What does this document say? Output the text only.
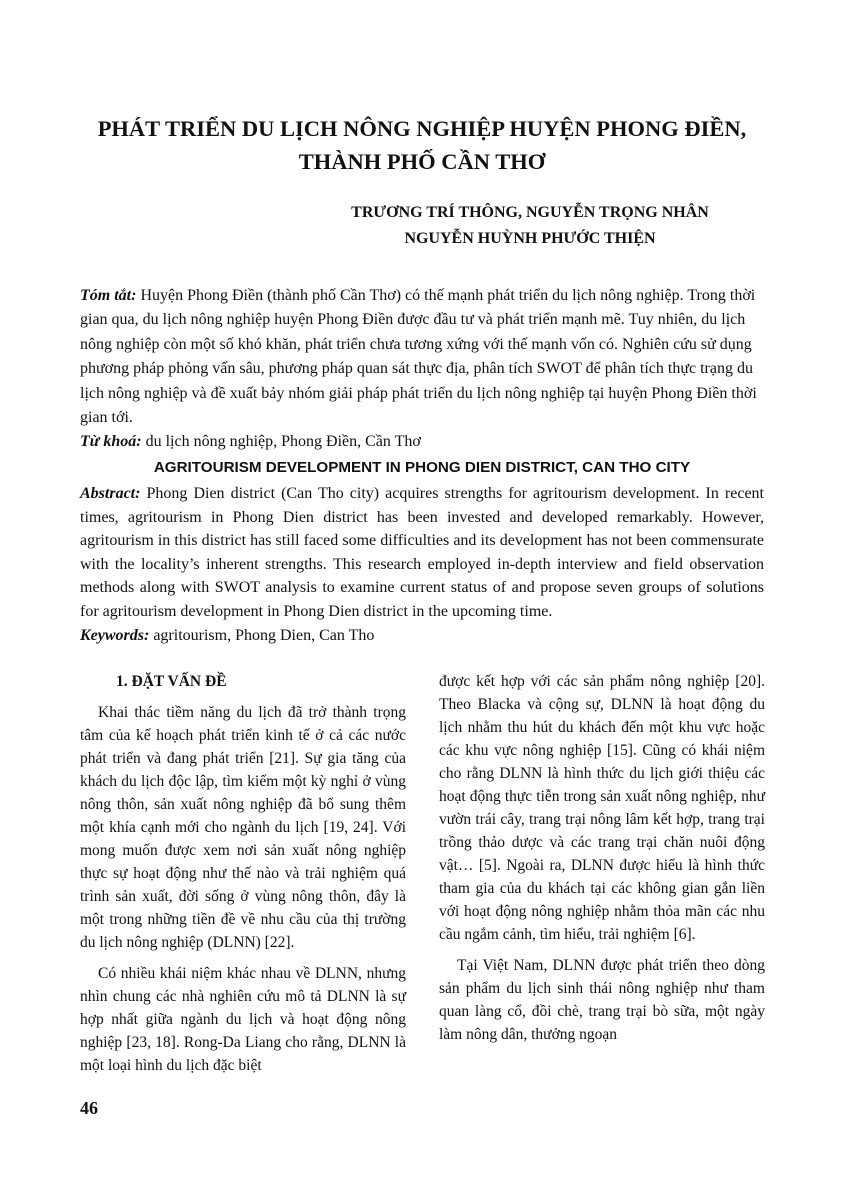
PHÁT TRIỂN DU LỊCH NÔNG NGHIỆP HUYỆN PHONG ĐIỀN,
THÀNH PHỐ CẦN THƠ
TRƯƠNG TRÍ THÔNG, NGUYỄN TRỌNG NHÂN
NGUYỄN HUỲNH PHƯỚC THIỆN

Tóm tắt: Huyện Phong Điền (thành phố Cần Thơ) có thế mạnh phát triển du lịch nông nghiệp. Trong thời gian qua, du lịch nông nghiệp huyện Phong Điền được đầu tư và phát triển mạnh mẽ. Tuy nhiên, du lịch nông nghiệp còn một số khó khăn, phát triển chưa tương xứng với thế mạnh vốn có. Nghiên cứu sử dụng phương pháp phỏng vấn sâu, phương pháp quan sát thực địa, phân tích SWOT để phân tích thực trạng du lịch nông nghiệp và đề xuất bảy nhóm giải pháp phát triển du lịch nông nghiệp tại huyện Phong Điền thời gian tới.

Từ khoá: du lịch nông nghiệp, Phong Điền, Cần Thơ

AGRITOURISM DEVELOPMENT IN PHONG DIEN DISTRICT, CAN THO CITY

Abstract: Phong Dien district (Can Tho city) acquires strengths for agritourism development. In recent times, agritourism in Phong Dien district has been invested and developed remarkably. However, agritourism in this district has still faced some difficulties and its development has not been commensurate with the locality’s inherent strengths. This research employed in-depth interview and field observation methods along with SWOT analysis to examine current status of and propose seven groups of solutions for agritourism development in Phong Dien district in the upcoming time.

Keywords: agritourism, Phong Dien, Can Tho

1. ĐẶT VẤN ĐỀ

Khai thác tiềm năng du lịch đã trở thành trọng tâm của kế hoạch phát triển kinh tế ở cả các nước phát triển và đang phát triển [21]. Sự gia tăng của khách du lịch độc lập, tìm kiếm một kỳ nghỉ ở vùng nông thôn, sản xuất nông nghiệp đã bổ sung thêm một khía cạnh mới cho ngành du lịch [19, 24]. Với mong muốn được xem nơi sản xuất nông nghiệp thực sự hoạt động như thế nào và trải nghiệm quá trình sản xuất, đời sống ở vùng nông thôn, đây là một trong những tiền đề về nhu cầu của thị trường du lịch nông nghiệp (DLNN) [22].

Có nhiều khái niệm khác nhau về DLNN, nhưng nhìn chung các nhà nghiên cứu mô tả DLNN là sự hợp nhất giữa ngành du lịch và hoạt động nông nghiệp [23, 18]. Rong-Da Liang cho rằng, DLNN là một loại hình du lịch đặc biệt

được kết hợp với các sản phẩm nông nghiệp [20]. Theo Blacka và cộng sự, DLNN là hoạt động du lịch nhằm thu hút du khách đến một khu vực hoặc các khu vực nông nghiệp [15]. Cũng có khái niệm cho rằng DLNN là hình thức du lịch giới thiệu các hoạt động thực tiễn trong sản xuất nông nghiệp, như vườn trái cây, trang trại nông lâm kết hợp, trang trại trồng thảo dược và các trang trại chăn nuôi động vật… [5]. Ngoài ra, DLNN được hiểu là hình thức tham gia của du khách tại các không gian gắn liền với hoạt động nông nghiệp nhằm thỏa mãn các nhu cầu ngắm cảnh, tìm hiểu, trải nghiệm [6].

Tại Việt Nam, DLNN được phát triển theo dòng sản phẩm du lịch sinh thái nông nghiệp như tham quan làng cổ, đồi chè, trang trại bò sữa, một ngày làm nông dân, thưởng ngoạn

46
